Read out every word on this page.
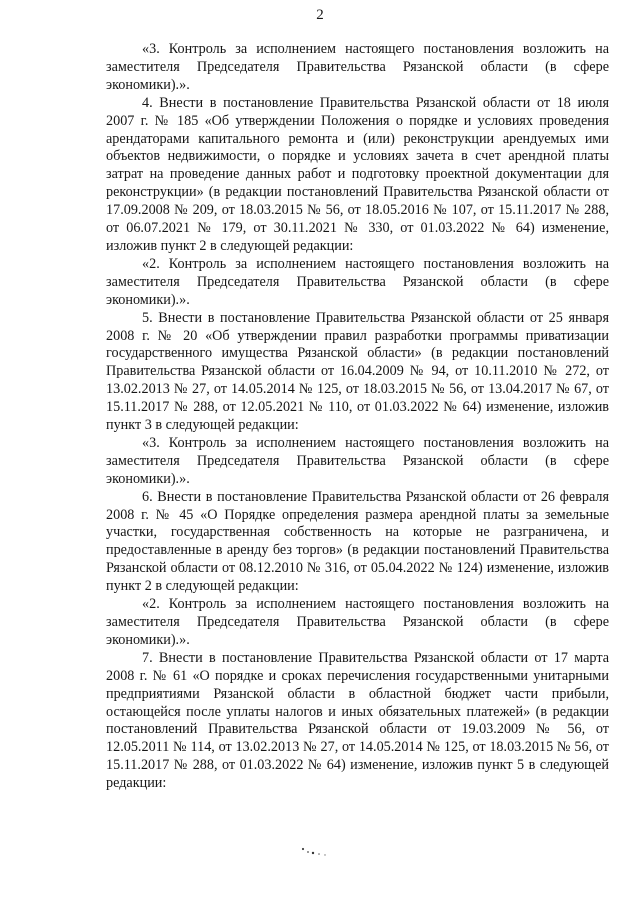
2

«3. Контроль за исполнением настоящего постановления возложить на заместителя Председателя Правительства Рязанской области (в сфере экономики).».

4. Внести в постановление Правительства Рязанской области от 18 июля 2007 г. № 185 «Об утверждении Положения о порядке и условиях проведения арендаторами капитального ремонта и (или) реконструкции арендуемых ими объектов недвижимости, о порядке и условиях зачета в счет арендной платы затрат на проведение данных работ и подготовку проектной документации для реконструкции» (в редакции постановлений Правительства Рязанской области от 17.09.2008 № 209, от 18.03.2015 № 56, от 18.05.2016 № 107, от 15.11.2017 № 288, от 06.07.2021 № 179, от 30.11.2021 № 330, от 01.03.2022 № 64) изменение, изложив пункт 2 в следующей редакции:

«2. Контроль за исполнением настоящего постановления возложить на заместителя Председателя Правительства Рязанской области (в сфере экономики).».

5. Внести в постановление Правительства Рязанской области от 25 января 2008 г. № 20 «Об утверждении правил разработки программы приватизации государственного имущества Рязанской области» (в редакции постановлений Правительства Рязанской области от 16.04.2009 № 94, от 10.11.2010 № 272, от 13.02.2013 № 27, от 14.05.2014 № 125, от 18.03.2015 № 56, от 13.04.2017 № 67, от 15.11.2017 № 288, от 12.05.2021 № 110, от 01.03.2022 № 64) изменение, изложив пункт 3 в следующей редакции:

«3. Контроль за исполнением настоящего постановления возложить на заместителя Председателя Правительства Рязанской области (в сфере экономики).».

6. Внести в постановление Правительства Рязанской области от 26 февраля 2008 г. № 45 «О Порядке определения размера арендной платы за земельные участки, государственная собственность на которые не разграничена, и предоставленные в аренду без торгов» (в редакции постановлений Правительства Рязанской области от 08.12.2010 № 316, от 05.04.2022 № 124) изменение, изложив пункт 2 в следующей редакции:

«2. Контроль за исполнением настоящего постановления возложить на заместителя Председателя Правительства Рязанской области (в сфере экономики).».

7. Внести в постановление Правительства Рязанской области от 17 марта 2008 г. № 61 «О порядке и сроках перечисления государственными унитарными предприятиями Рязанской области в областной бюджет части прибыли, остающейся после уплаты налогов и иных обязательных платежей» (в редакции постановлений Правительства Рязанской области от 19.03.2009 № 56, от 12.05.2011 № 114, от 13.02.2013 № 27, от 14.05.2014 № 125, от 18.03.2015 № 56, от 15.11.2017 № 288, от 01.03.2022 № 64) изменение, изложив пункт 5 в следующей редакции:
